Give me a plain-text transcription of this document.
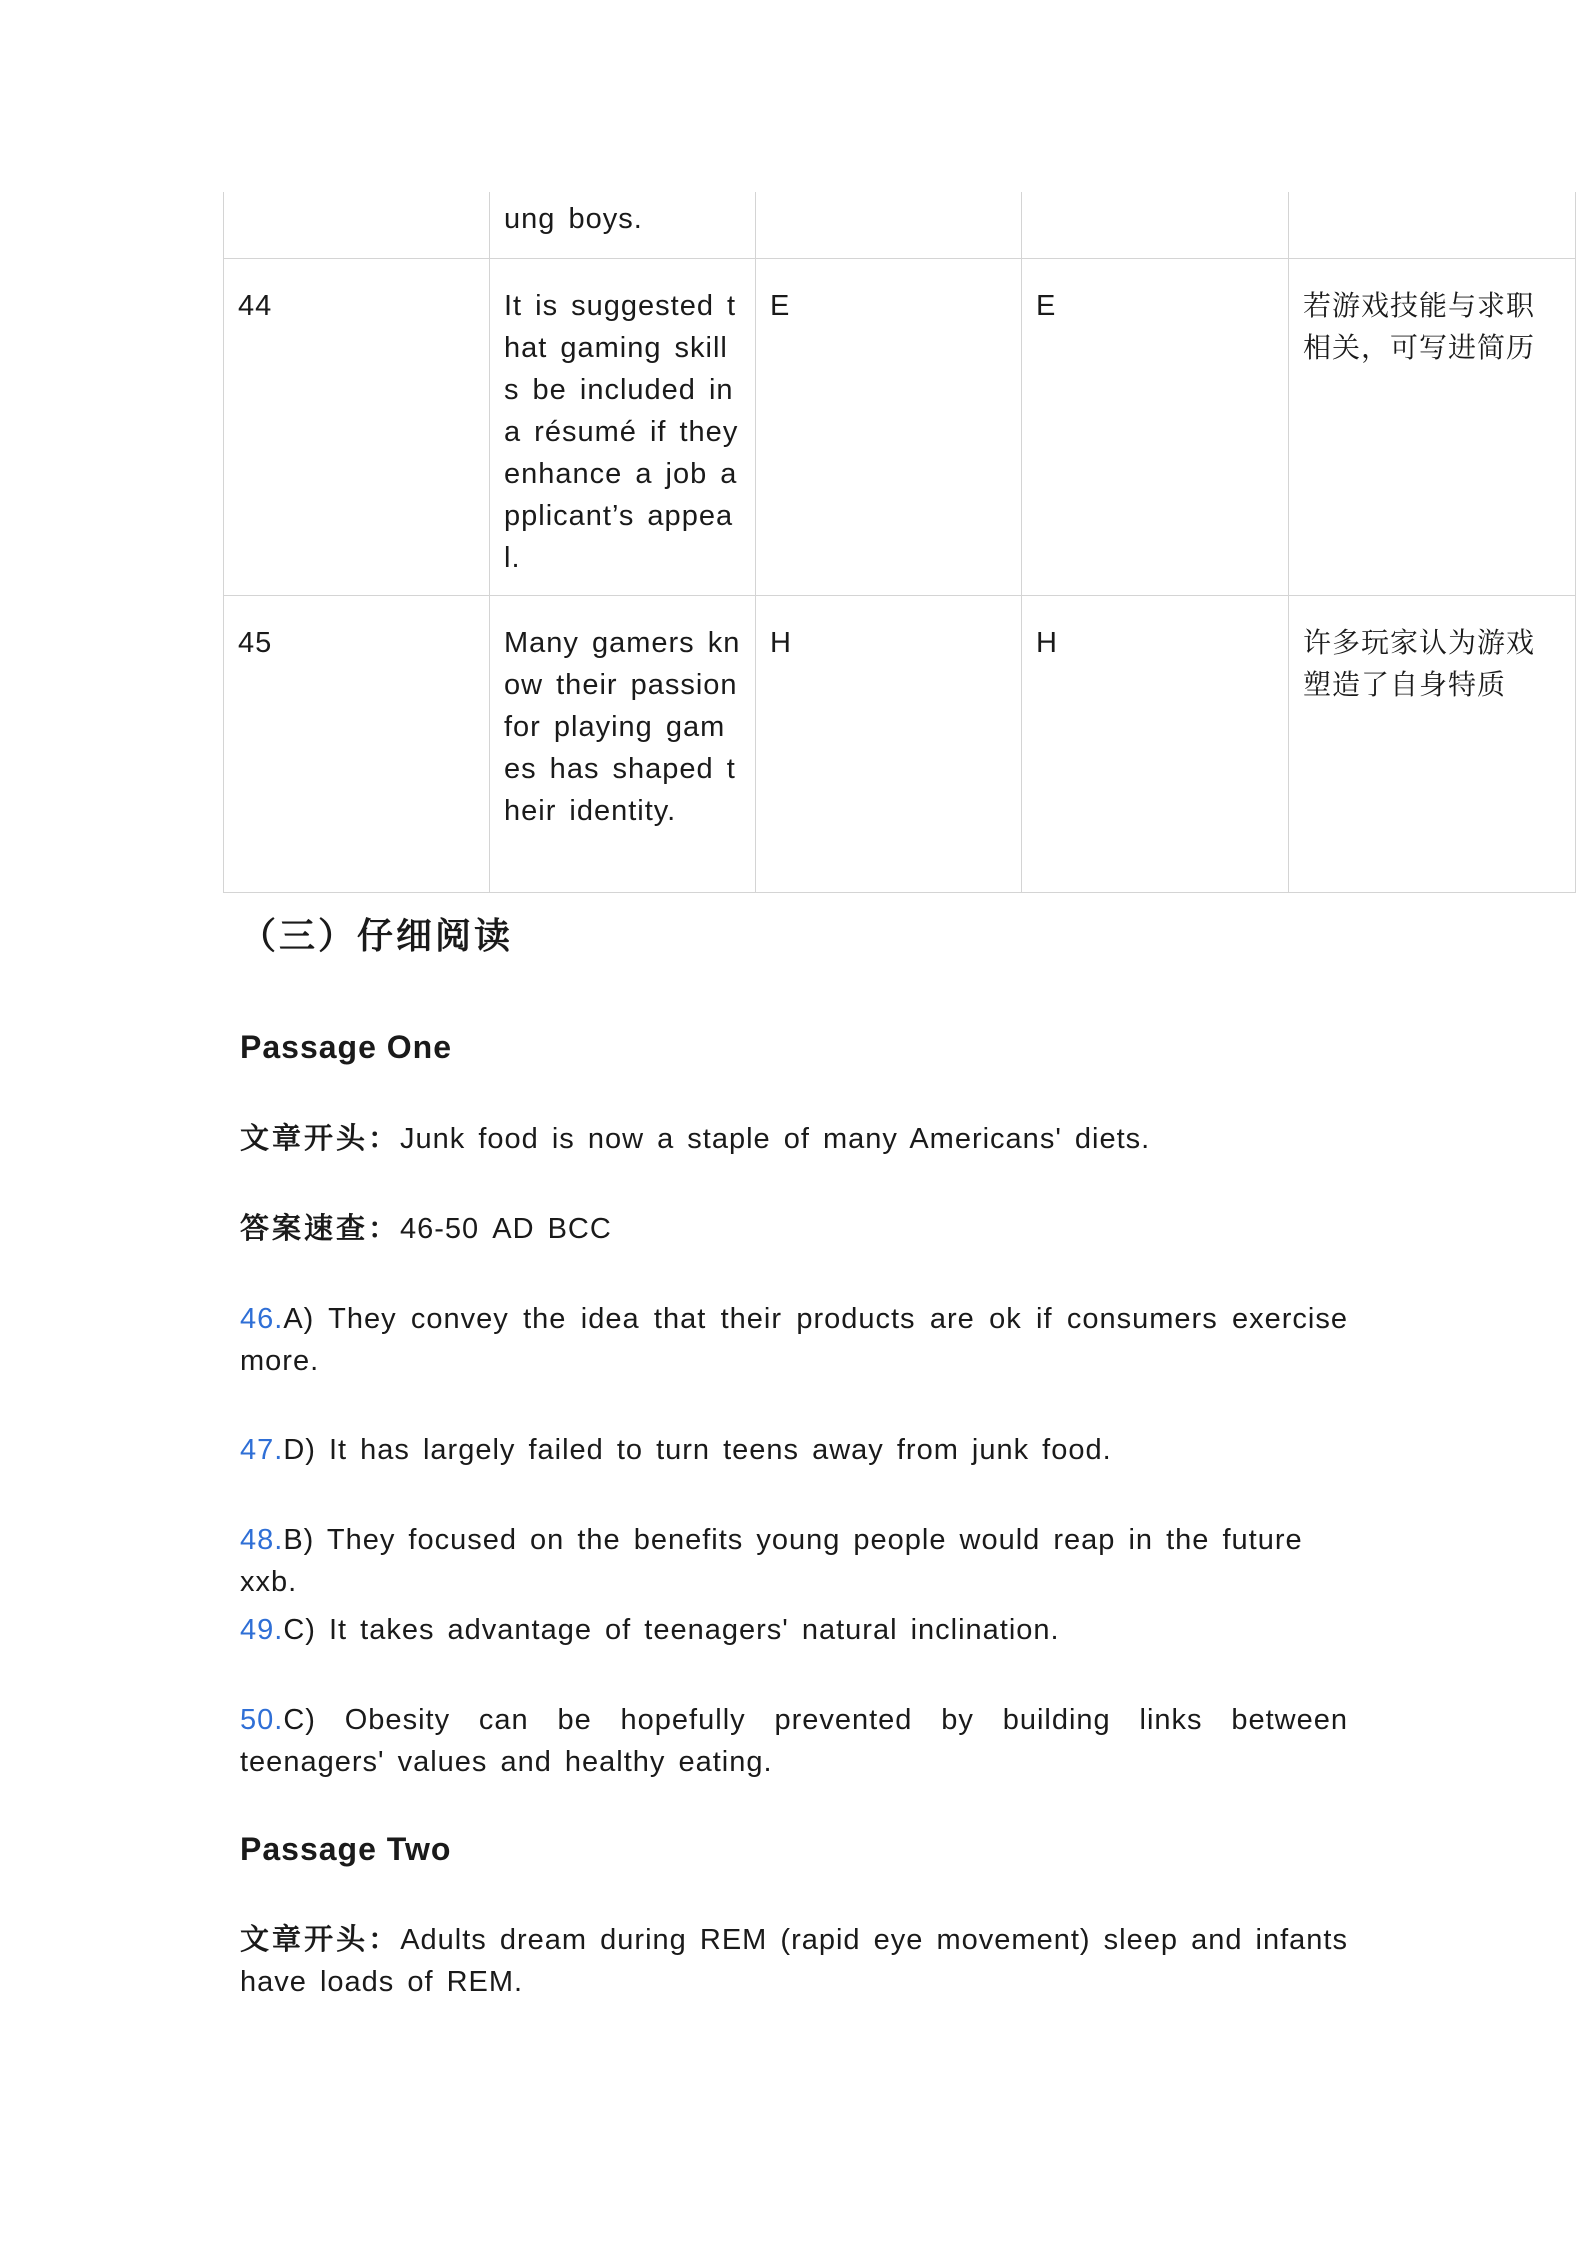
	ung boys.			
44	It is suggested that gaming skills be included in a résumé if they enhance a job applicant’s appeal.	E	E	若游戏技能与求职相关，可写进简历
45	Many gamers know their passion for playing games has shaped their identity.	H	H	许多玩家认为游戏塑造了自身特质
（三）仔细阅读
Passage One
文章开头：Junk food is now a staple of many Americans' diets.
答案速查：46-50 AD BCC
46.A) They convey the idea that their products are ok if consumers exercise more.
47.D) It has largely failed to turn teens away from junk food.
48.B) They focused on the benefits young people would reap in the future xxb.
49.C) It takes advantage of teenagers' natural inclination.
50.C) Obesity can be hopefully prevented by building links between teenagers' values and healthy eating.
Passage Two
文章开头：Adults dream during REM (rapid eye movement) sleep and infants have loads of REM.
